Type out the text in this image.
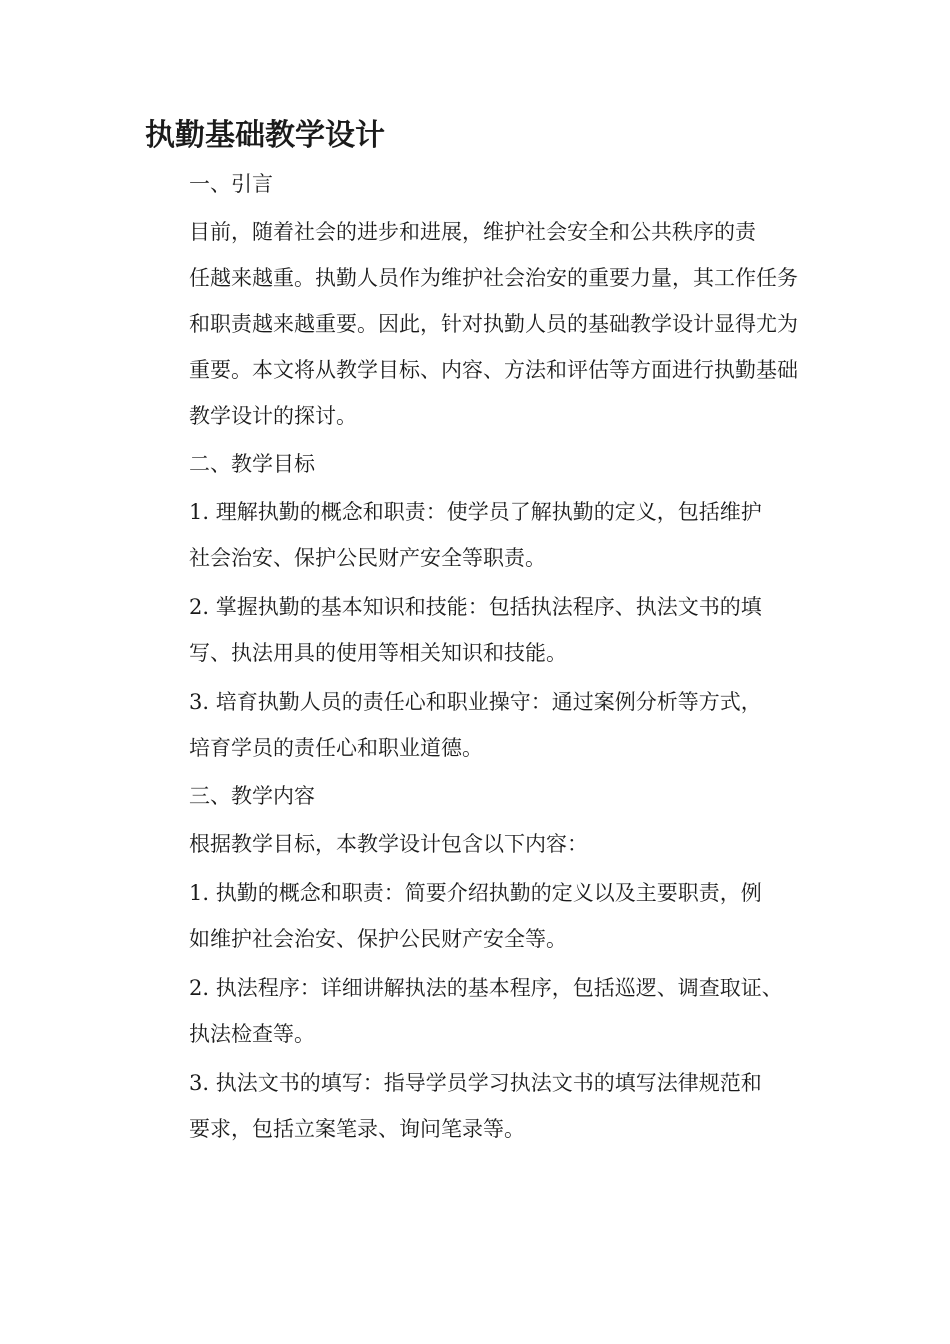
执勤基础教学设计
一、引言

目前，随着社会的进步和进展，维护社会安全和公共秩序的责
任越来越重。执勤人员作为维护社会治安的重要力量，其工作任务
和职责越来越重要。因此，针对执勤人员的基础教学设计显得尤为
重要。本文将从教学目标、内容、方法和评估等方面进行执勤基础
教学设计的探讨。

二、教学目标

1. 理解执勤的概念和职责：使学员了解执勤的定义，包括维护
社会治安、保护公民财产安全等职责。

2. 掌握执勤的基本知识和技能：包括执法程序、执法文书的填
写、执法用具的使用等相关知识和技能。

3. 培育执勤人员的责任心和职业操守：通过案例分析等方式，
培育学员的责任心和职业道德。

三、教学内容

根据教学目标，本教学设计包含以下内容：

1. 执勤的概念和职责：简要介绍执勤的定义以及主要职责，例
如维护社会治安、保护公民财产安全等。

2. 执法程序：详细讲解执法的基本程序，包括巡逻、调查取证、
执法检查等。

3. 执法文书的填写：指导学员学习执法文书的填写法律规范和
要求，包括立案笔录、询问笔录等。
